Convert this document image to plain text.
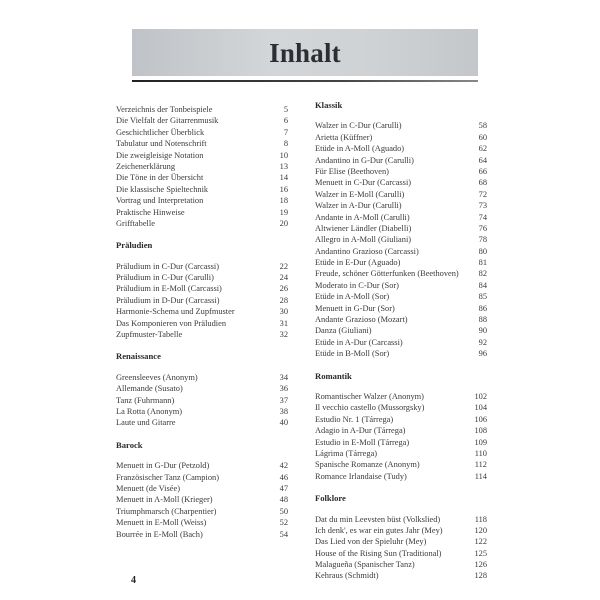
Inhalt
Verzeichnis der Tonbeispiele	5
Die Vielfalt der Gitarrenmusik	6
Geschichtlicher Überblick	7
Tabulatur und Notenschrift	8
Die zweigleisige Notation	10
Zeichenerklärung	13
Die Töne in der Übersicht	14
Die klassische Spieltechnik	16
Vortrag und Interpretation	18
Praktische Hinweise	19
Grifftabelle	20
Präludien
Präludium in C-Dur (Carcassi)	22
Präludium in C-Dur (Carulli)	24
Präludium in E-Moll (Carcassi)	26
Präludium in D-Dur (Carcassi)	28
Harmonie-Schema und Zupfmuster	30
Das Komponieren von Präludien	31
Zupfmuster-Tabelle	32
Renaissance
Greensleeves (Anonym)	34
Allemande (Susato)	36
Tanz (Fuhrmann)	37
La Rotta (Anonym)	38
Laute und Gitarre	40
Barock
Menuett in G-Dur (Petzold)	42
Französischer Tanz (Campion)	46
Menuett (de Visée)	47
Menuett in A-Moll (Krieger)	48
Triumphmarsch (Charpentier)	50
Menuett in E-Moll (Weiss)	52
Bourrée in E-Moll (Bach)	54
Klassik
Walzer in C-Dur (Carulli)	58
Arietta (Küffner)	60
Etüde in A-Moll (Aguado)	62
Andantino in G-Dur (Carulli)	64
Für Elise (Beethoven)	66
Menuett in C-Dur (Carcassi)	68
Walzer in E-Moll (Carulli)	72
Walzer in A-Dur (Carulli)	73
Andante in A-Moll (Carulli)	74
Altwiener Ländler (Diabelli)	76
Allegro in A-Moll (Giuliani)	78
Andantino Grazioso (Carcassi)	80
Etüde in E-Dur (Aguado)	81
Freude, schöner Götterfunken (Beethoven)	82
Moderato in C-Dur (Sor)	84
Etüde in A-Moll (Sor)	85
Menuett in G-Dur (Sor)	86
Andante Grazioso (Mozart)	88
Danza (Giuliani)	90
Etüde in A-Dur (Carcassi)	92
Etüde in B-Moll (Sor)	96
Romantik
Romantischer Walzer (Anonym)	102
Il vecchio castello (Mussorgsky)	104
Estudio Nr. 1 (Tárrega)	106
Adagio in A-Dur (Tárrega)	108
Estudio in E-Moll (Tárrega)	109
Lágrima (Tárrega)	110
Spanische Romanze (Anonym)	112
Romance Irlandaise (Tudy)	114
Folklore
Dat du min Leevsten büst (Volkslied)	118
Ich denk', es war ein gutes Jahr (Mey)	120
Das Lied von der Spieluhr (Mey)	122
House of the Rising Sun (Traditional)	125
Malagueña (Spanischer Tanz)	126
Kehraus (Schmidt)	128
4
